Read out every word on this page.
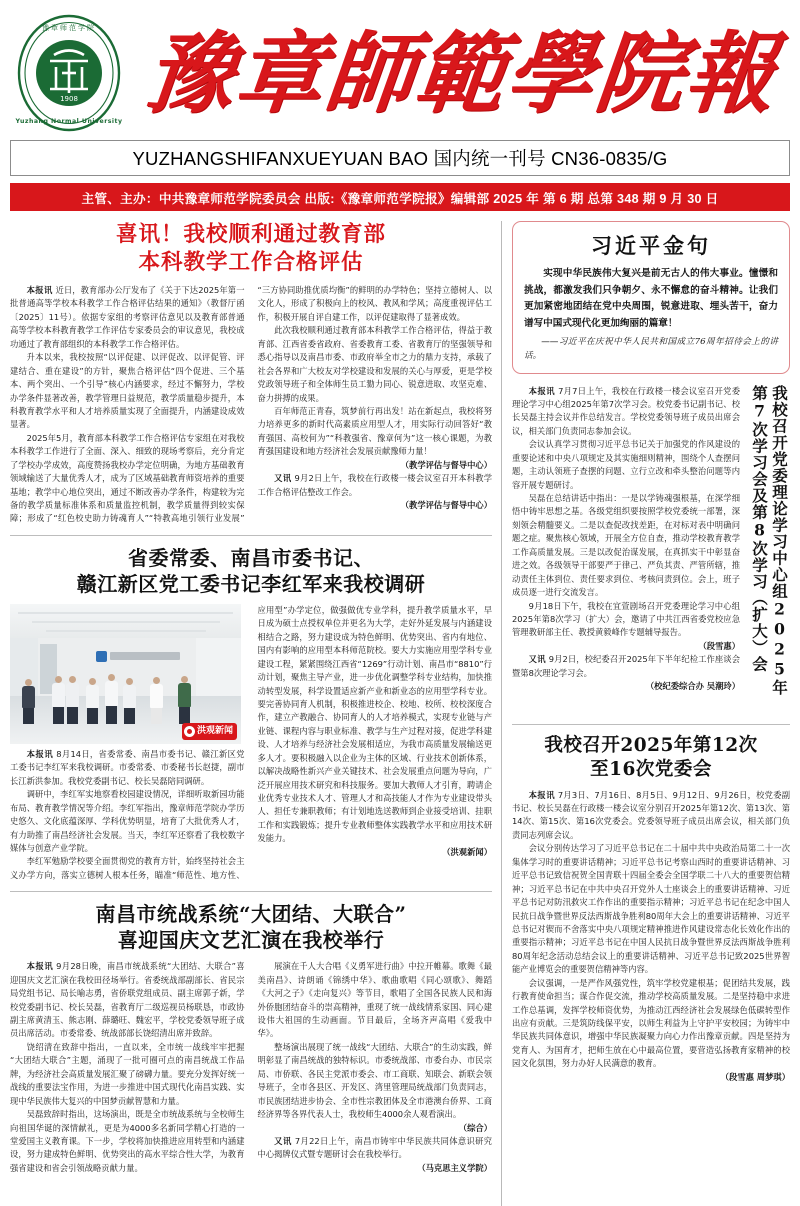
1908
Yuzhang Normal University
豫章师范学院 豫章師範學院報
YUZHANGSHIFANXUEYUAN BAO 国内统一刊号 CN36-0835/G
主管、主办：中共豫章师范学院委员会 出版:《豫章师范学院报》编辑部 2025 年 第 6 期 总第 348 期 9 月 30 日
喜讯！我校顺利通过教育部
本科教学工作合格评估

本报讯 近日，教育部办公厅发布了《关于下达2025年第一批普通高等学校本科教学工作合格评估结果的通知》（教督厅函〔2025〕11号）。依据专家组的考察评估意见以及教育部普通高等学校本科教育教学工作评估专家委员会的审议意见，我校成功通过了教育部组织的本科教学工作合格评估。

升本以来，我校按照“以评促建、以评促改、以评促管、评建结合、重在建设”的方针，聚焦合格评估“四个促进、三个基本、两个突出、一个引导”核心内涵要求，经过不懈努力，学校办学条件显著改善，教学管理日益规范，教学质量稳步提升，本科教育教学水平和人才培养质量实现了全面提升，内涵建设成效显著。

2025年5月，教育部本科教学工作合格评估专家组在对我校本科教学工作进行了全面、深入、细致的现场考察后，充分肯定了学校办学成效，高度赞扬我校办学定位明确，为地方基础教育领域输送了大量优秀人才，成为了区域基础教育师资培养的重要基地；教学中心地位突出，通过不断改善办学条件，构建较为完备的教学质量标准体系和质量监控机制，教学质量得到较实保障；形成了“红色校史助力铸魂育人”“特教高地引领行业发展”“三方协同助推优质均衡”的鲜明的办学特色；坚持立德树人、以文化人，形成了积极向上的校风、教风和学风；高度重视评估工作，积极开展自评自建工作，以评促建取得了显著成效。

此次我校顺利通过教育部本科教学工作合格评估，得益于教育部、江西省委省政府、省委教育工委、省教育厅的坚强领导和悉心指导以及南昌市委、市政府举全市之力的鼎力支持，承载了社会各界和广大校友对学校建设和发展的关心与厚爱，更是学校党政领导班子和全体师生员工勠力同心、锐意进取、攻坚克难、奋力拼搏的成果。

百年师范正青春，筑梦前行再出发！站在新起点，我校将努力培养更多的新时代高素质应用型人才，用实际行动回答好“教育强国、高校何为”“科教强省、豫章何为”这一核心课题，为教育强国建设和地方经济社会发展贡献豫师力量！

（教学评估与督导中心）

又讯 9月2日上午，我校在行政楼一楼会议室召开本科教学工作合格评估整改工作会。

（教学评估与督导中心）

省委常委、南昌市委书记、
赣江新区党工委书记李红军来我校调研
洪观新闻

本报讯 8月14日，省委常委、南昌市委书记、赣江新区党工委书记李红军来我校调研。市委常委、市委秘书长赵捷，副市长江新洪参加。我校党委副书记、校长吴磊陪同调研。

调研中，李红军实地察看校园建设情况，详细听取新园功能布局、教育教学情况等介绍。李红军指出，豫章师范学院办学历史悠久、文化底蕴深厚、学科优势明显，培育了大批优秀人才，有力助推了南昌经济社会发展。当天，李红军还察看了我校数字媒体与创意产业学院。

李红军勉励学校要全面贯彻党的教育方针，始终坚持社会主义办学方向，落实立德树人根本任务，瞄准“师范性、地方性、应用型”办学定位，做强做优专业学科，提升教学质量水平，早日成为硕士点授权单位并更名为大学，走好外延发展与内涵建设相结合之路，努力建设成为特色鲜明、优势突出、省内有地位、国内有影响的应用型本科师范院校。要大力实施应用型学科专业建设工程，紧紧围绕江西省“1269”行动计划、南昌市“8810”行动计划，聚焦主导产业，进一步优化调整学科专业结构，加快推动转型发展，科学设置适应新产业和新业态的应用型学科专业。要完善协同育人机制，积极推进校企、校地、校所、校校深度合作，建立产教融合、协同育人的人才培养模式，实现专业链与产业链、课程内容与职业标准、教学与生产过程对接，促进学科建设、人才培养与经济社会发展相适应，为我市高质量发展输送更多人才。要积极融入以企业为主体的区域、行业技术创新体系，以解决战略性新兴产业关键技术、社会发展重点问题为导向，广泛开展应用技术研究和科技服务。要加大教师人才引育，聘请企业优秀专业技术人才、管理人才和高技能人才作为专业建设带头人、担任专兼职教师；有计划地选送教师到企业接受培训、挂职工作和实践锻炼；提升专业教师整体实践教学水平和应用技术研发能力。

（洪观新闻）

南昌市统战系统“大团结、大联合”
喜迎国庆文艺汇演在我校举行

本报讯 9月28日晚，南昌市统战系统“大团结、大联合”喜迎国庆文艺汇演在我校田径场举行。省委统战部副部长、省民宗局党组书记、局长喻志勇，省侨联党组成员、副主席郭子新，学校党委副书记、校长吴磊，省教育厅二级巡视员杨联恳，市政协副主席黄清玉、熊志刚、薛璐旺、魏宏平，学校党委领导班子成员出席活动。市委常委、统战部部长饶绍清出席并致辞。

饶绍清在致辞中指出，一直以来，全市统一战线牢牢把握“大团结大联合”主题，涌现了一批可圈可点的南昌统战工作品牌，为经济社会高质量发展汇聚了磅礴力量。要充分发挥好统一战线的重要法宝作用，为进一步推进中国式现代化南昌实践、实现中华民族伟大复兴的中国梦贡献智慧和力量。

吴磊致辞时指出，这场演出，既是全市统战系统与全校师生向祖国华诞的深情献礼，更是为4000多名新同学精心打造的一堂爱国主义教育课。下一步，学校将加快推进应用转型和内涵建设，努力建成特色鲜明、优势突出的高水平综合性大学，为教育强省建设和省会引领战略贡献力量。

展演在千人大合唱《义勇军进行曲》中拉开帷幕。歌舞《最美南昌》、诗朗诵《锦绣中华》、歌曲歌唱《同心颂歌》、舞蹈《大河之子》《走向复兴》等节目，歌唱了全国各民族人民和海外侨胞团结奋斗的崇高精神，重现了统一战线情系家国、同心建设伟大祖国的生动画面。节目最后，全场齐声高唱《爱我中华》。

整场演出展现了统一战线“大团结、大联合”的生动实践，鲜明彰显了南昌统战的独特标识。市委统战部、市委台办、市民宗局、市侨联、各民主党派市委会、市工商联、知联会、新联会领导班子，全市各县区、开发区、湾里管理局统战部门负责同志，市民族团结进步协会、全市性宗教团体及全市港澳台侨界、工商经济界等各界代表人士，我校师生4000余人观看演出。

（综合）

又讯 7月22日上午，南昌市铸牢中华民族共同体意识研究中心揭牌仪式暨专题研讨会在我校举行。

（马克思主义学院）

习近平金句

实现中华民族伟大复兴是前无古人的伟大事业。憧憬和挑战，都激发我们只争朝夕、永不懈怠的奋斗精神。让我们更加紧密地团结在党中央周围，锐意进取、埋头苦干，奋力谱写中国式现代化更加绚丽的篇章！

——习近平在庆祝中华人民共和国成立76周年招待会上的讲话。

本报讯 7月7日上午，我校在行政楼一楼会议室召开党委理论学习中心组2025年第7次学习会。校党委书记副书记、校长吴磊主持会议并作总结发言。学校党委领导班子成员出席会议，相关部门负责同志参加会议。

会议认真学习贯彻习近平总书记关于加强党的作风建设的重要论述和中央八项规定及其实施细则精神，围绕个人查摆问题，主动认领班子查摆的问题、立行立改和牵头整治问题等内容开展专题研讨。

吴磊在总结讲话中指出：一是以学铸魂强根基，在深学细悟中铸牢思想之基。各级党组织要按照学校党委统一部署，深刻领会精髓要义。二是以查促改找差距，在对标对表中明确问题之症。聚焦核心领域，开展全方位自查，推动学校教育教学工作高质量发展。三是以改促治谋发展，在真抓实干中彰显奋进之效。各级领导干部要严于律己、严负其责、严管所辖，推动责任主体到位、责任要求到位、考核问责到位。会上，班子成员逐一进行交流发言。

9月18日下午，我校在宜萱剧场召开党委理论学习中心组2025年第8次学习（扩大）会，邀请了中共江西省委党校应急管理教研部主任、教授黄毅峰作专题辅导报告。

（段雪惠）

又讯 9月2日，校纪委召开2025年下半年纪检工作座谈会暨第8次理论学习会。

（校纪委综合办 吴潮玲）

第7次学习会及第8次学习（扩大）会 我校召开党委理论学习中心组2025年
我校召开2025年第12次
至16次党委会

本报讯 7月3日、7月16日、8月5日、9月12日、9月26日，校党委副书记、校长吴磊在行政楼一楼会议室分别召开2025年第12次、第13次、第14次、第15次、第16次党委会。党委领导班子成员出席会议，相关部门负责同志列席会议。

会议分别传达学习了习近平总书记在二十届中共中央政治局第二十一次集体学习时的重要讲话精神；习近平总书记考察山西时的重要讲话精神、习近平总书记致信祝贺全国青联十四届全委会全国学联二十八大的重要贺信精神；习近平总书记在中共中央召开党外人士座谈会上的重要讲话精神、习近平总书记对防汛救灾工作作出的重要指示精神；习近平总书记在纪念中国人民抗日战争暨世界反法西斯战争胜利80周年大会上的重要讲话精神、习近平总书记对锲而不舍落实中央八项规定精神推进作风建设常态化长效化作出的重要指示精神；习近平总书记在中国人民抗日战争暨世界反法西斯战争胜利80周年纪念活动总结会议上的重要讲话精神、习近平总书记致2025世界智能产业博览会的重要贺信精神等内容。

会议强调，一是严作风强党性，筑牢学校党建根基；促团结共发展，践行教育使命担当；谋合作促交流，推动学校高质量发展。二是坚持稳中求进工作总基调，发挥学校师资优势，为推动江西经济社会发展绿色低碳转型作出应有贡献。三是筑防线保平安，以师生利益为上守护平安校园；为铸牢中华民族共同体意识，增强中华民族凝聚力向心力作出豫章贡献。四是坚持为党育人、为国育才，把师生放在心中最高位置，要营造弘扬教育家精神的校园文化氛围，努力办好人民满意的教育。

（段雪惠 周梦琪）
